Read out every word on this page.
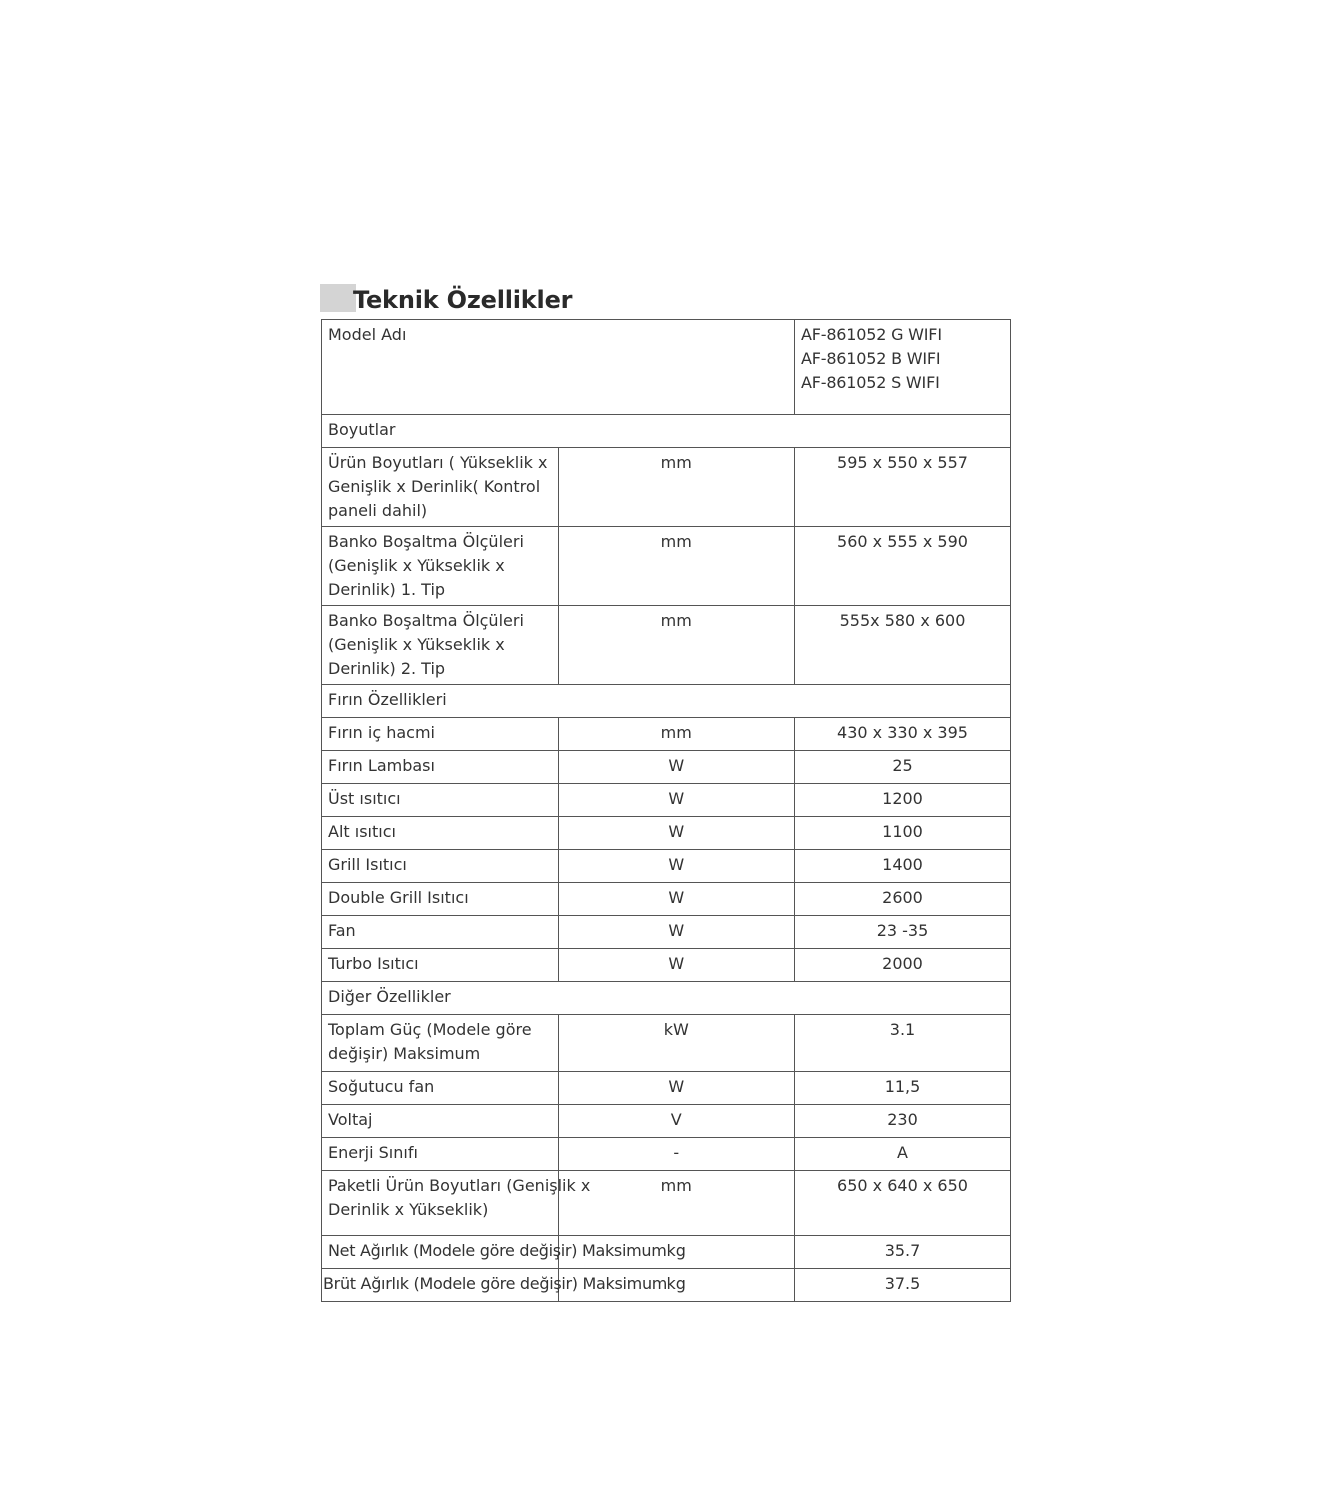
Teknik Özellikler
Model Adı		AF-861052 G WIFI
AF-861052 B WIFI
AF-861052 S WIFI

Boyutlar		
Ürün Boyutları ( Yükseklik x Genişlik x Derinlik( Kontrol paneli dahil)	mm	595 x 550 x 557
Banko Boşaltma Ölçüleri (Genişlik x Yükseklik x Derinlik) 1. Tip	mm	560 x 555 x 590
Banko Boşaltma Ölçüleri (Genişlik x Yükseklik x Derinlik) 2. Tip	mm	555x 580 x 600
Fırın Özellikleri		
Fırın iç hacmi	mm	430 x 330 x 395
Fırın Lambası	W	25
Üst ısıtıcı	W	1200
Alt ısıtıcı	W	1100
Grill Isıtıcı	W	1400
Double Grill Isıtıcı	W	2600
Fan	W	23 -35
Turbo Isıtıcı	W	2000
Diğer Özellikler		

Toplam Güç (Modele göre değişir) Maksimum	kW	3.1
Soğutucu fan	W	11,5
Voltaj	V	230
Enerji Sınıfı	-	A

Paketli Ürün Boyutları (Genişlik x Derinlik x Yükseklik)	mm	650 x 640 x 650
Net Ağırlık (Modele göre değişir) Maksimum	kg	35.7
Brüt Ağırlık (Modele göre değişir) Maksimum	kg	37.5
